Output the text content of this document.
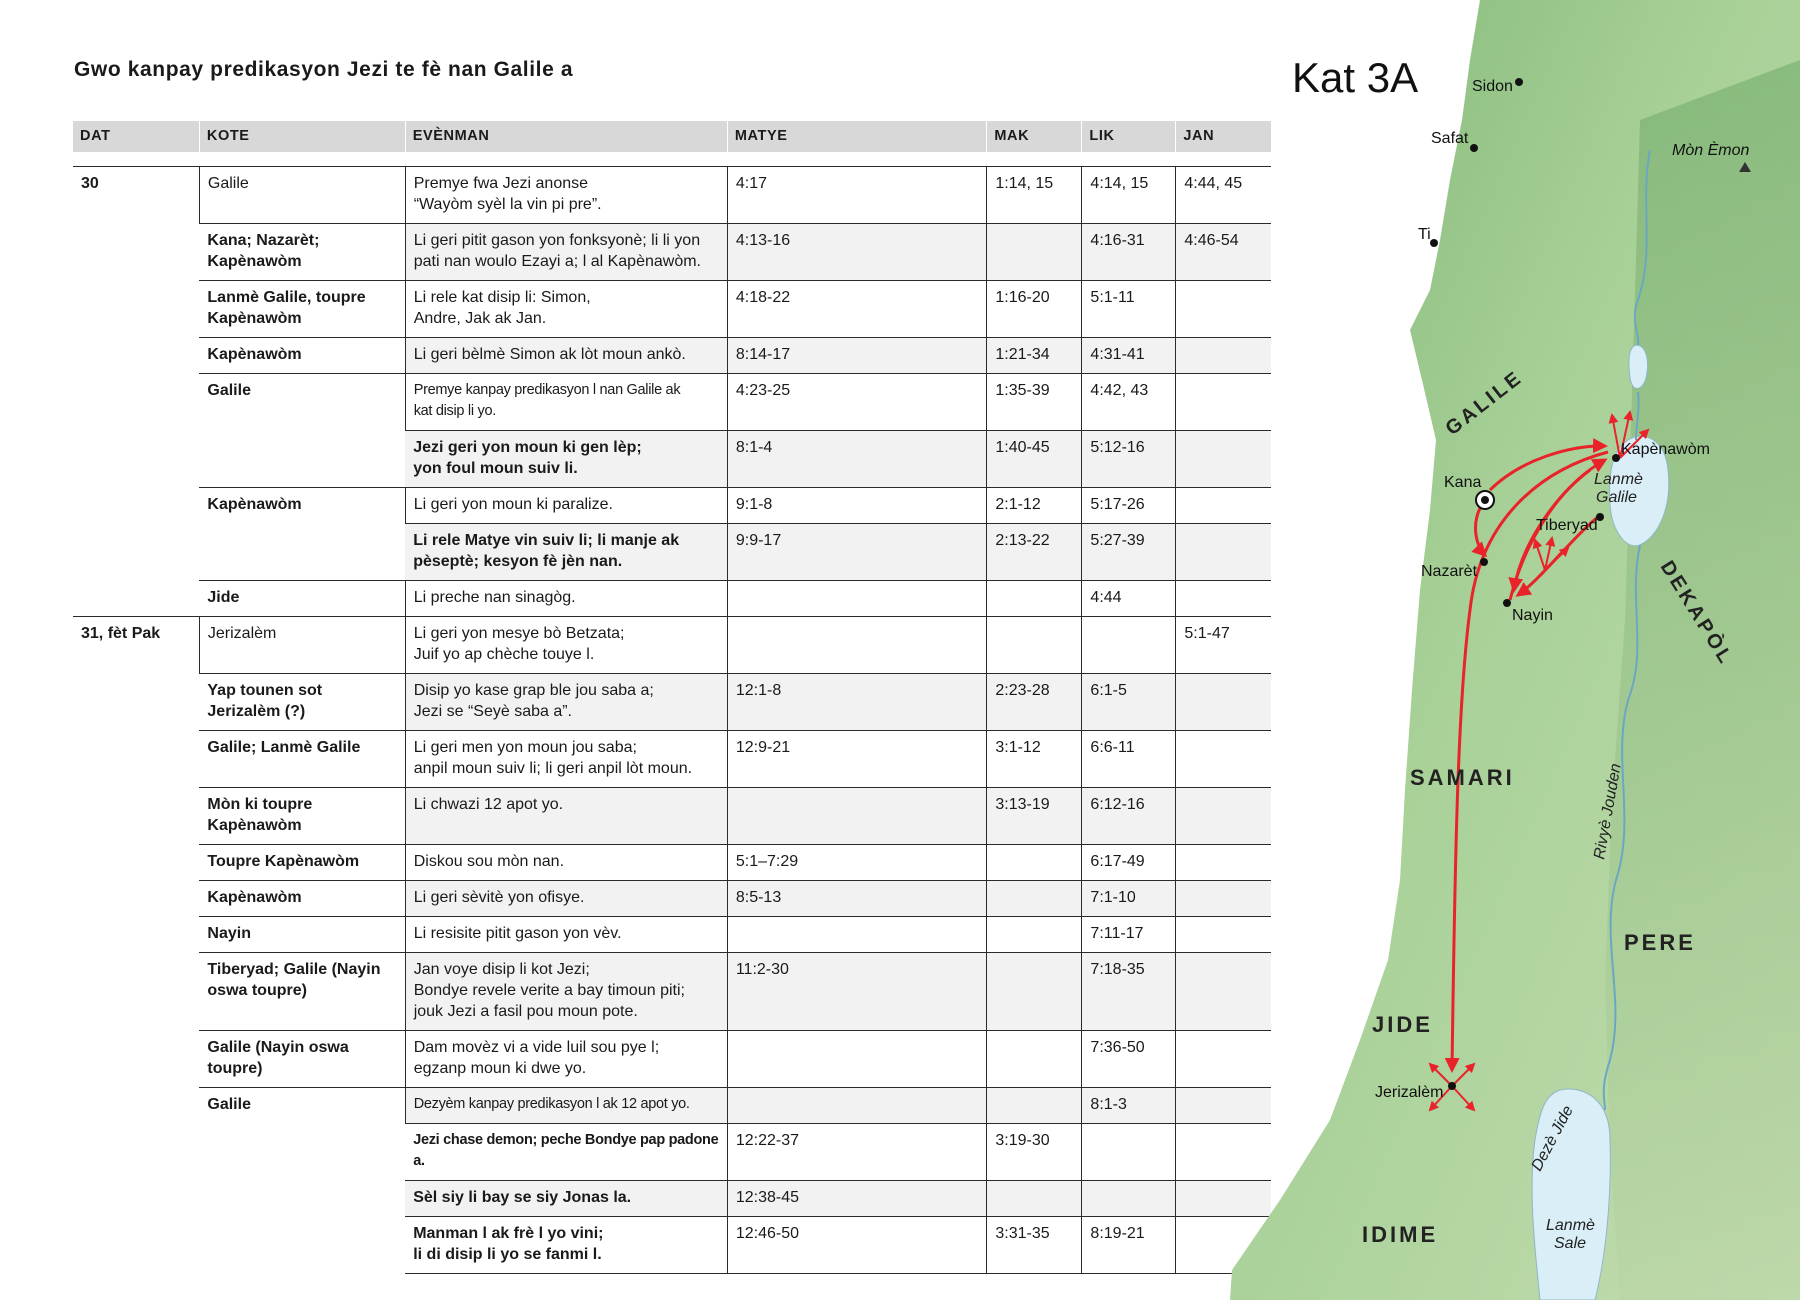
Gwo kanpay predikasyon Jezi te fè nan Galile a
DAT	KOTE	EVÈNMAN	MATYE	MAK	LIK	JAN

30	Galile	Premye fwa Jezi anonse
“Wayòm syèl la vin pi pre”.	4:17	1:14, 15	4:14, 15	4:44, 45
	Kana; Nazarèt; Kapènawòm	Li geri pitit gason yon fonksyonè; li li yon
pati nan woulo Ezayi a; l al Kapènawòm.	4:13-16		4:16-31	4:46-54
	Lanmè Galile, toupre Kapènawòm	Li rele kat disip li: Simon,
Andre, Jak ak Jan.	4:18-22	1:16-20	5:1-11	
	Kapènawòm	Li geri bèlmè Simon ak lòt moun ankò.	8:14-17	1:21-34	4:31-41	
	Galile	Premye kanpay predikasyon l nan Galile ak
kat disip li yo.	4:23-25	1:35-39	4:42, 43	

		Jezi geri yon moun ki gen lèp;
yon foul moun suiv li.	8:1-4	1:40-45	5:12-16	
	Kapènawòm	Li geri yon moun ki paralize.	9:1-8	2:1-12	5:17-26	

		Li rele Matye vin suiv li; li manje ak
pèseptè; kesyon fè jèn nan.	9:9-17	2:13-22	5:27-39	
	Jide	Li preche nan sinagòg.			4:44	
31, fèt Pak	Jerizalèm	Li geri yon mesye bò Betzata;
Juif yo ap chèche touye l.				5:1-47
	Yap tounen sot Jerizalèm (?)	Disip yo kase grap ble jou saba a;
Jezi se “Seyè saba a”.	12:1-8	2:23-28	6:1-5	
	Galile; Lanmè Galile	Li geri men yon moun jou saba;
anpil moun suiv li; li geri anpil lòt moun.	12:9-21	3:1-12	6:6-11	
	Mòn ki toupre Kapènawòm	Li chwazi 12 apot yo.		3:13-19	6:12-16	
	Toupre Kapènawòm	Diskou sou mòn nan.	5:1–7:29		6:17-49	
	Kapènawòm	Li geri sèvitè yon ofisye.	8:5-13		7:1-10	
	Nayin	Li resisite pitit gason yon vèv.			7:11-17	
	Tiberyad; Galile (Nayin oswa toupre)	Jan voye disip li kot Jezi;
Bondye revele verite a bay timoun piti;
jouk Jezi a fasil pou moun pote.	11:2-30		7:18-35	
	Galile (Nayin oswa toupre)	Dam movèz vi a vide luil sou pye l;
egzanp moun ki dwe yo.			7:36-50	
	Galile	Dezyèm kanpay predikasyon l ak 12 apot yo.			8:1-3	

		Jezi chase demon; peche Bondye pap padone a.	12:22-37	3:19-30		

		Sèl siy li bay se siy Jonas la.	12:38-45			

		Manman l ak frè l yo vini;
li di disip li yo se fanmi l.	12:46-50	3:31-35	8:19-21	
Kat 3A	Sidon
Safat
Ti
Mòn Èmon
GALILE
Kapènawòm
Lanmè
Galile
Kana
Tiberyad
Nazarèt
Nayin	DEKAPÒL
SAMARI	Rivyè Jouden
PERE
JIDE
Jerizalèm
Dezè Jide
IDIME	Lanmè
Sale
